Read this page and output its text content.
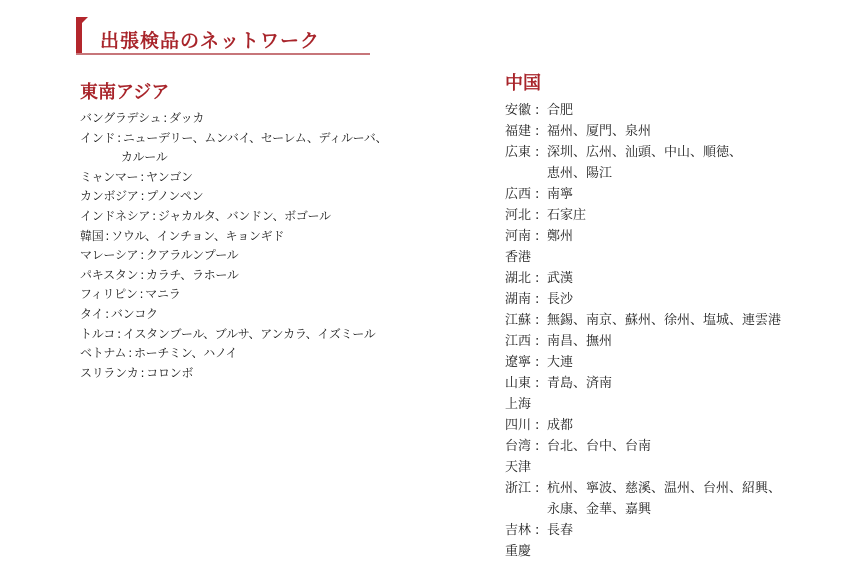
出張検品のネットワーク
東南アジア
バングラデシュ : ダッカ
インド : ニューデリー、ムンバイ、セーレム、ディルーバ、
カルール
ミャンマー : ヤンゴン
カンボジア : プノンペン
インドネシア : ジャカルタ、バンドン、ボゴール
韓国 : ソウル、インチョン、キョンギド
マレーシア : クアラルンプール
パキスタン : カラチ、ラホール
フィリピン : マニラ
タイ : バンコク
トルコ : イスタンブール、ブルサ、アンカラ、イズミール
ベトナム : ホーチミン、ハノイ
スリランカ : コロンボ
中国
安徽 : 合肥
福建 : 福州、厦門、泉州
広東 : 深圳、広州、汕頭、中山、順徳、
恵州、陽江
広西 : 南寧
河北 : 石家庄
河南 : 鄭州
香港
湖北 : 武漢
湖南 : 長沙
江蘇 : 無錫、南京、蘇州、徐州、塩城、連雲港
江西 : 南昌、撫州
遼寧 : 大連
山東 : 青島、済南
上海
四川 : 成都
台湾 : 台北、台中、台南
天津
浙江 : 杭州、寧波、慈溪、温州、台州、紹興、
永康、金華、嘉興
吉林 : 長春
重慶
